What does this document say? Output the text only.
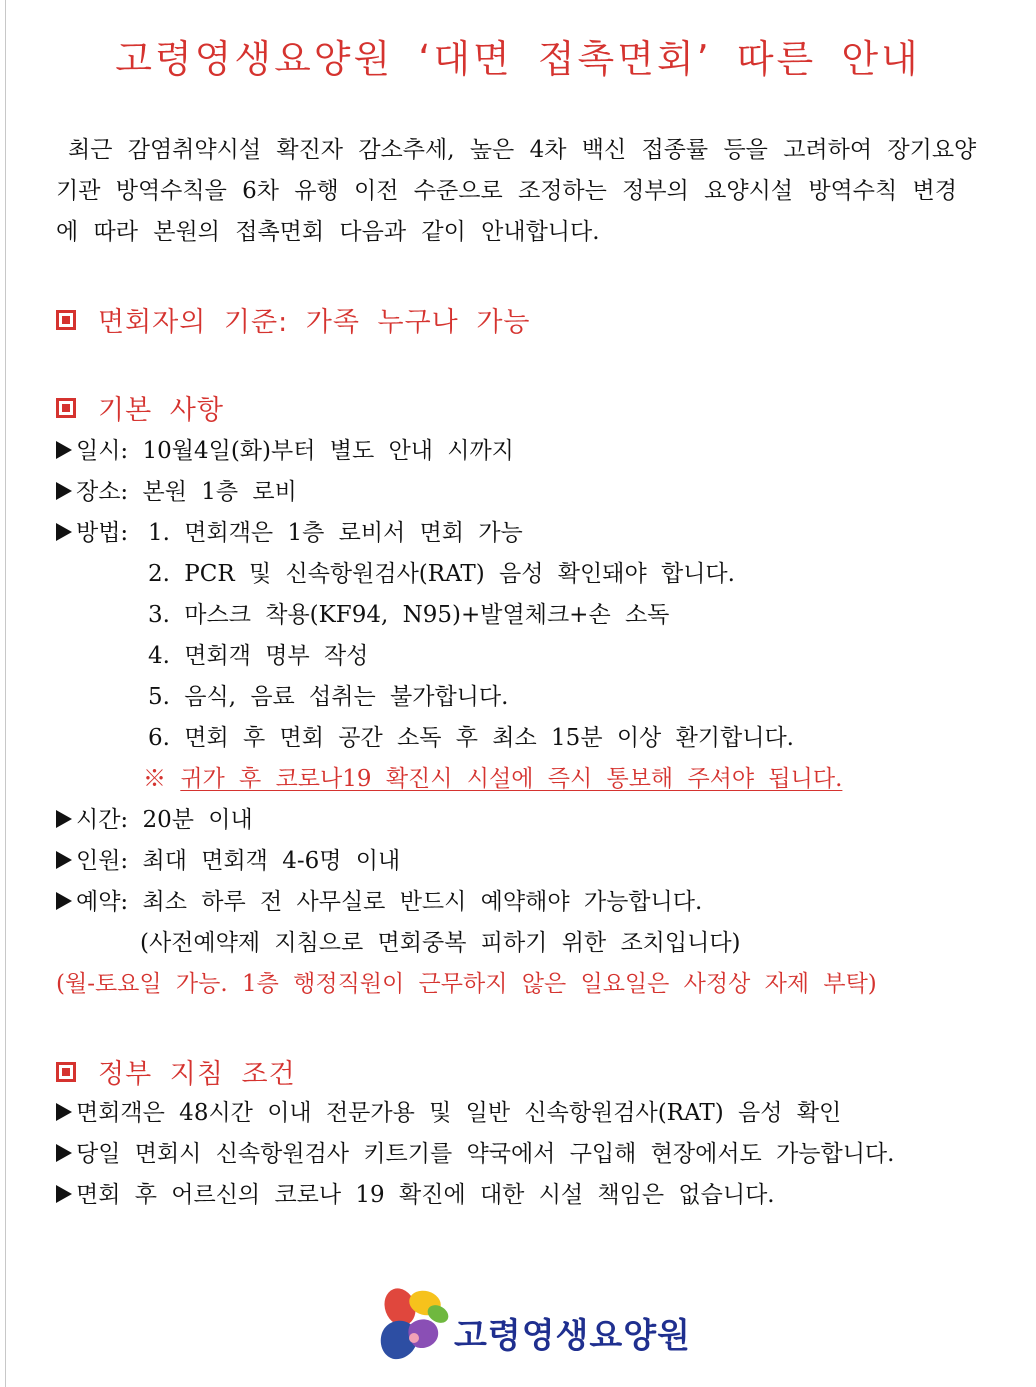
고령영생요양원 ‘대면 접촉면회’ 따른 안내
최근 감염취약시설 확진자 감소추세, 높은 4차 백신 접종률 등을 고려하여 장기요양
기관 방역수칙을 6차 유행 이전 수준으로 조정하는 정부의 요양시설 방역수칙 변경
에 따라 본원의 접촉면회 다음과 같이 안내합니다.
면회자의 기준: 가족 누구나 가능
기본 사항
일시: 10월4일(화)부터 별도 안내 시까지
장소: 본원 1층 로비
방법: 1. 면회객은 1층 로비서 면회 가능
2. PCR 및 신속항원검사(RAT) 음성 확인돼야 합니다.
3. 마스크 착용(KF94, N95)+발열체크+손 소독
4. 면회객 명부 작성
5. 음식, 음료 섭취는 불가합니다.
6. 면회 후 면회 공간 소독 후 최소 15분 이상 환기합니다.
※ 귀가 후 코로나19 확진시 시설에 즉시 통보해 주셔야 됩니다.
시간: 20분 이내
인원: 최대 면회객 4-6명 이내
예약: 최소 하루 전 사무실로 반드시 예약해야 가능합니다.
(사전예약제 지침으로 면회중복 피하기 위한 조치입니다)
(월-토요일 가능. 1층 행정직원이 근무하지 않은 일요일은 사정상 자제 부탁)
정부 지침 조건
면회객은 48시간 이내 전문가용 및 일반 신속항원검사(RAT) 음성 확인
당일 면회시 신속항원검사 키트기를 약국에서 구입해 현장에서도 가능합니다.
면회 후 어르신의 코로나 19 확진에 대한 시설 책임은 없습니다.
고령영생요양원
